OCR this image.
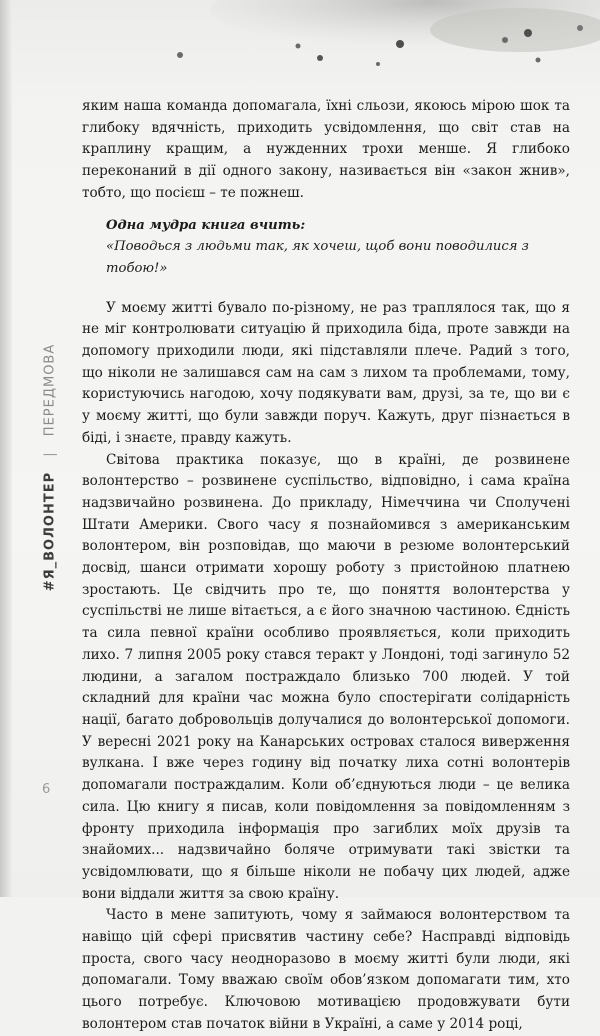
#Я_ВОЛОНТЕР | ПЕРЕДМОВА
6

яким наша команда допомагала, їхні сльози, якоюсь мірою шок та глибоку вдячність, приходить усвідомлення, що світ став на краплину кращим, а нужденних трохи менше. Я глибоко переконаний в дії одного закону, називається він «закон жнив», тобто, що посієш – те пожнеш.

Одна мудра книга вчить:
«Поводься з людьми так, як хочеш, щоб вони поводилися з тобою!»

У моєму житті бувало по-різному, не раз траплялося так, що я не міг контролювати ситуацію й приходила біда, проте завжди на допомогу приходили люди, які підставляли плече. Радий з того, що ніколи не залишався сам на сам з лихом та проблемами, тому, користуючись нагодою, хочу подякувати вам, друзі, за те, що ви є у моєму житті, що були завжди поруч. Кажуть, друг пізнається в біді, і знаєте, правду кажуть.

Світова практика показує, що в країні, де розвинене волонтерство – розвинене суспільство, відповідно, і сама країна надзвичайно розвинена. До прикладу, Німеччина чи Сполучені Штати Америки. Свого часу я познайомився з американським волонтером, він розповідав, що маючи в резюме волонтерський досвід, шанси отримати хорошу роботу з пристойною платнею зростають. Це свідчить про те, що поняття волонтерства у суспільстві не лише вітається, а є його значною частиною. Єдність та сила певної країни особливо проявляється, коли приходить лихо. 7 липня 2005 року стався теракт у Лондоні, тоді загинуло 52 людини, а загалом постраждало близько 700 людей. У той складний для країни час можна було спостерігати солідарність нації, багато добровольців долучалися до волонтерської допомоги. У вересні 2021 року на Канарських островах сталося виверження вулкана. І вже через годину від початку лиха сотні волонтерів допомагали постраждалим. Коли об’єднуються люди – це велика сила. Цю книгу я писав, коли повідомлення за повідомленням з фронту приходила інформація про загиблих моїх друзів та знайомих... надзвичайно боляче отримувати такі звістки та усвідомлювати, що я більше ніколи не побачу цих людей, адже вони віддали життя за свою країну.

Часто в мене запитують, чому я займаюся волонтерством та навіщо цій сфері присвятив частину себе? Насправді відповідь проста, свого часу неодноразово в моєму житті були люди, які допомагали. Тому вважаю своїм обов’язком допомагати тим, хто цього потребує. Ключовою мотивацією продовжувати бути волонтером став початок війни в Україні, а саме у 2014 році,
